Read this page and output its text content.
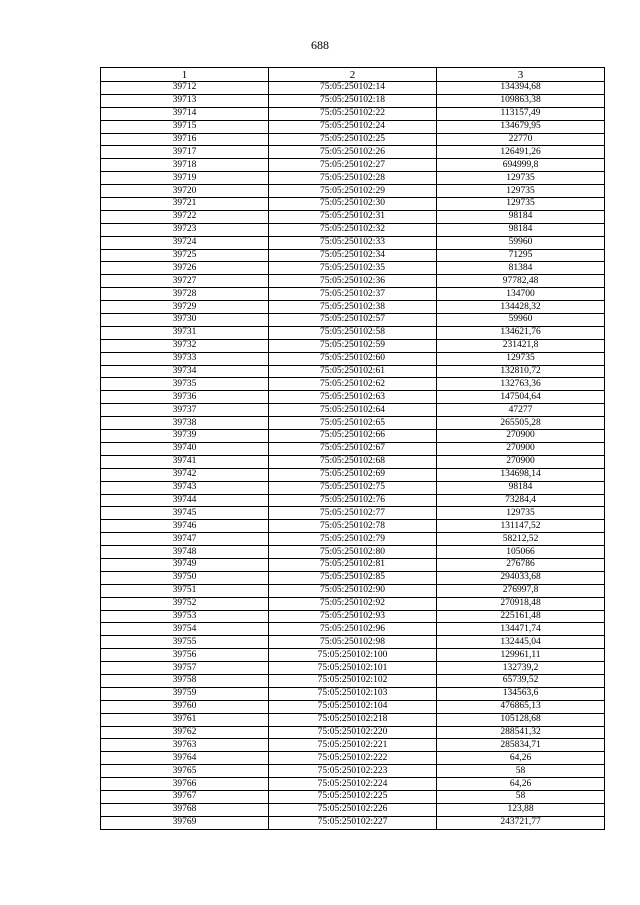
688
1	2	3
39712	75:05:250102:14	134394,68
39713	75:05:250102:18	109863,38
39714	75:05:250102:22	113157,49
39715	75:05:250102:24	134679,95
39716	75:05:250102:25	22770
39717	75:05:250102:26	126491,26
39718	75:05:250102:27	694999,8
39719	75:05:250102:28	129735
39720	75:05:250102:29	129735
39721	75:05:250102:30	129735
39722	75:05:250102:31	98184
39723	75:05:250102:32	98184
39724	75:05:250102:33	59960
39725	75:05:250102:34	71295
39726	75:05:250102:35	81384
39727	75:05:250102:36	97782,48
39728	75:05:250102:37	134700
39729	75:05:250102:38	134428,32
39730	75:05:250102:57	59960
39731	75:05:250102:58	134621,76
39732	75:05:250102:59	231421,8
39733	75:05:250102:60	129735
39734	75:05:250102:61	132810,72
39735	75:05:250102:62	132763,36
39736	75:05:250102:63	147504,64
39737	75:05:250102:64	47277
39738	75:05:250102:65	265505,28
39739	75:05:250102:66	270900
39740	75:05:250102:67	270900
39741	75:05:250102:68	270900
39742	75:05:250102:69	134698,14
39743	75:05:250102:75	98184
39744	75:05:250102:76	73284,4
39745	75:05:250102:77	129735
39746	75:05:250102:78	131147,52
39747	75:05:250102:79	58212,52
39748	75:05:250102:80	105066
39749	75:05:250102:81	276786
39750	75:05:250102:85	294033,68
39751	75:05:250102:90	276997,8
39752	75:05:250102:92	270918,48
39753	75:05:250102:93	225161,48
39754	75:05:250102:96	134471,74
39755	75:05:250102:98	132445,04
39756	75:05:250102:100	129961,11
39757	75:05:250102:101	132739,2
39758	75:05:250102:102	65739,52
39759	75:05:250102:103	134563,6
39760	75:05:250102:104	476865,13
39761	75:05:250102:218	105128,68
39762	75:05:250102:220	288541,32
39763	75:05:250102:221	285834,71
39764	75:05:250102:222	64,26
39765	75:05:250102:223	58
39766	75:05:250102:224	64,26
39767	75:05:250102:225	58
39768	75:05:250102:226	123,88
39769	75:05:250102:227	243721,77
